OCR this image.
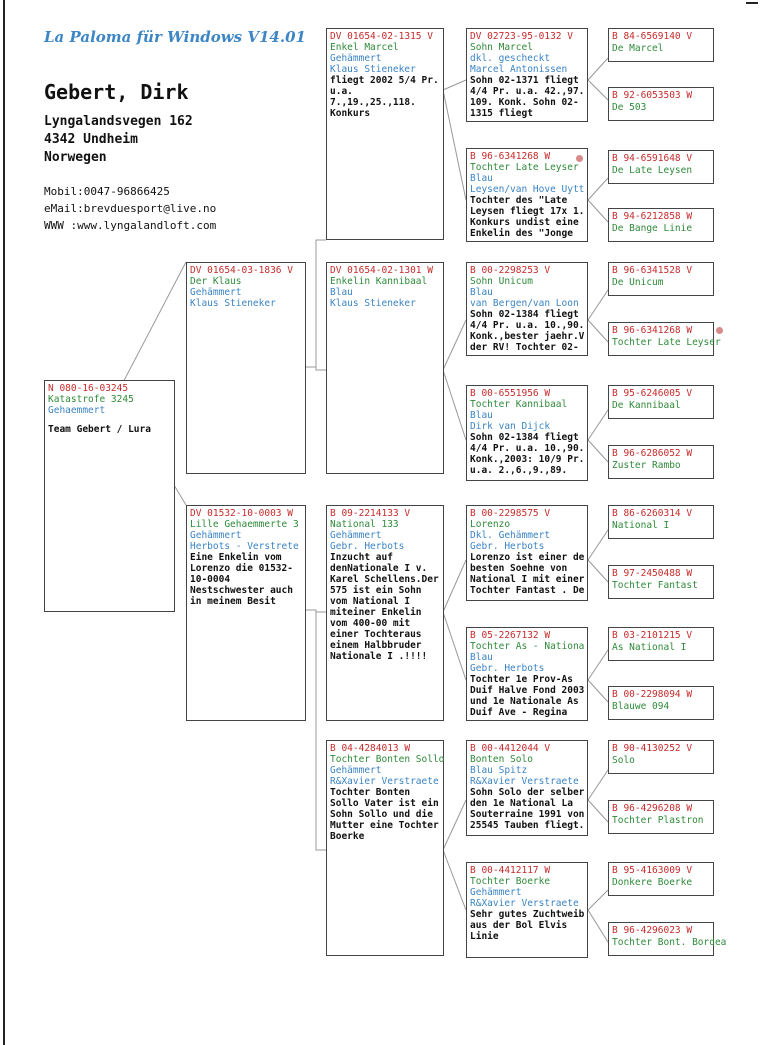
La Paloma für Windows V14.01
Gebert, Dirk
Lyngalandsvegen 162
4342 Undheim
Norwegen
Mobil:0047-96866425
eMail:brevduesport@live.no
WWW :www.lyngalandloft.com
N 080-16-03245
Katastrofe 3245
Gehaemmert
Team Gebert / Lura
DV 01654-03-1836 V
Der Klaus
Gehämmert
Klaus Stieneker
DV 01532-10-0003 W
Lille Gehaemmerte 3
Gehämmert
Herbots - Verstrete
Eine Enkelin vom Lorenzo die 01532-10-0004 Nestschwester auch in meinem Besit
DV 01654-02-1315 V
Enkel Marcel
Gehämmert
Klaus Stieneker
fliegt 2002 5/4 Pr. u.a. 7.,19.,25.,118. Konkurs
DV 01654-02-1301 W
Enkelin Kannibaal
Blau
Klaus Stieneker
B 09-2214133 V
National 133
Gehämmert
Gebr. Herbots
Inzucht auf denNationale I v. Karel Schellens.Der 575 ist ein Sohn vom National I miteiner Enkelin vom 400-00 mit einer Tochteraus einem Halbbruder Nationale I .!!!!
B 04-4284013 W
Tochter Bonten Sollo
Gehämmert
R&Xavier Verstraete
Tochter Bonten Sollo Vater ist ein Sohn Sollo und die Mutter eine Tochter Boerke
DV 02723-95-0132 V
Sohn Marcel
dkl. gescheckt
Marcel Antonissen
Sohn 02-1371 fliegt 4/4 Pr. u.a. 42.,97. 109. Konk. Sohn 02-1315 fliegt
B 96-6341268 W
Tochter Late Leyser
Blau
Leysen/van Hove Uytt
Tochter des "Late Leysen fliegt 17x 1. Konkurs undist eine Enkelin des "Jonge
B 00-2298253 V
Sohn Unicum
Blau
van Bergen/van Loon
Sohn 02-1384 fliegt 4/4 Pr. u.a. 10.,90. Konk.,bester jaehr.V der RV! Tochter 02-
B 00-6551956 W
Tochter Kannibaal
Blau
Dirk van Dijck
Sohn 02-1384 fliegt 4/4 Pr. u.a. 10.,90. Konk.,2003: 10/9 Pr. u.a. 2.,6.,9.,89.
B 00-2298575 V
Lorenzo
Dkl. Gehämmert
Gebr. Herbots
Lorenzo ist einer de besten Soehne von National I mit einer Tochter Fantast . De
B 05-2267132 W
Tochter As - Nationa
Blau
Gebr. Herbots
Tochter 1e Prov-As Duif Halve Fond 2003 und 1e Nationale As Duif Ave - Regina
B 00-4412044 V
Bonten Solo
Blau Spitz
R&Xavier Verstraete
Sohn Solo der selber den 1e National La Souterraine 1991 von 25545 Tauben fliegt.
B 00-4412117 W
Tochter Boerke
Gehämmert
R&Xavier Verstraete
Sehr gutes Zuchtweib aus der Bol Elvis Linie
B 84-6569140 V
De Marcel
B 92-6053503 W
De 503
B 94-6591648 V
De Late Leysen
B 94-6212858 W
De Bange Linie
B 96-6341528 V
De Unicum
B 96-6341268 W
Tochter Late Leyser
B 95-6246005 V
De Kannibaal
B 96-6286052 W
Zuster Rambo
B 86-6260314 V
National I
B 97-2450488 W
Tochter Fantast
B 03-2101215 V
As National I
B 00-2298094 W
Blauwe 094
B 90-4130252 V
Solo
B 96-4296208 W
Tochter Plastron
B 95-4163009 V
Donkere Boerke
B 96-4296023 W
Tochter Bont. Bordea
